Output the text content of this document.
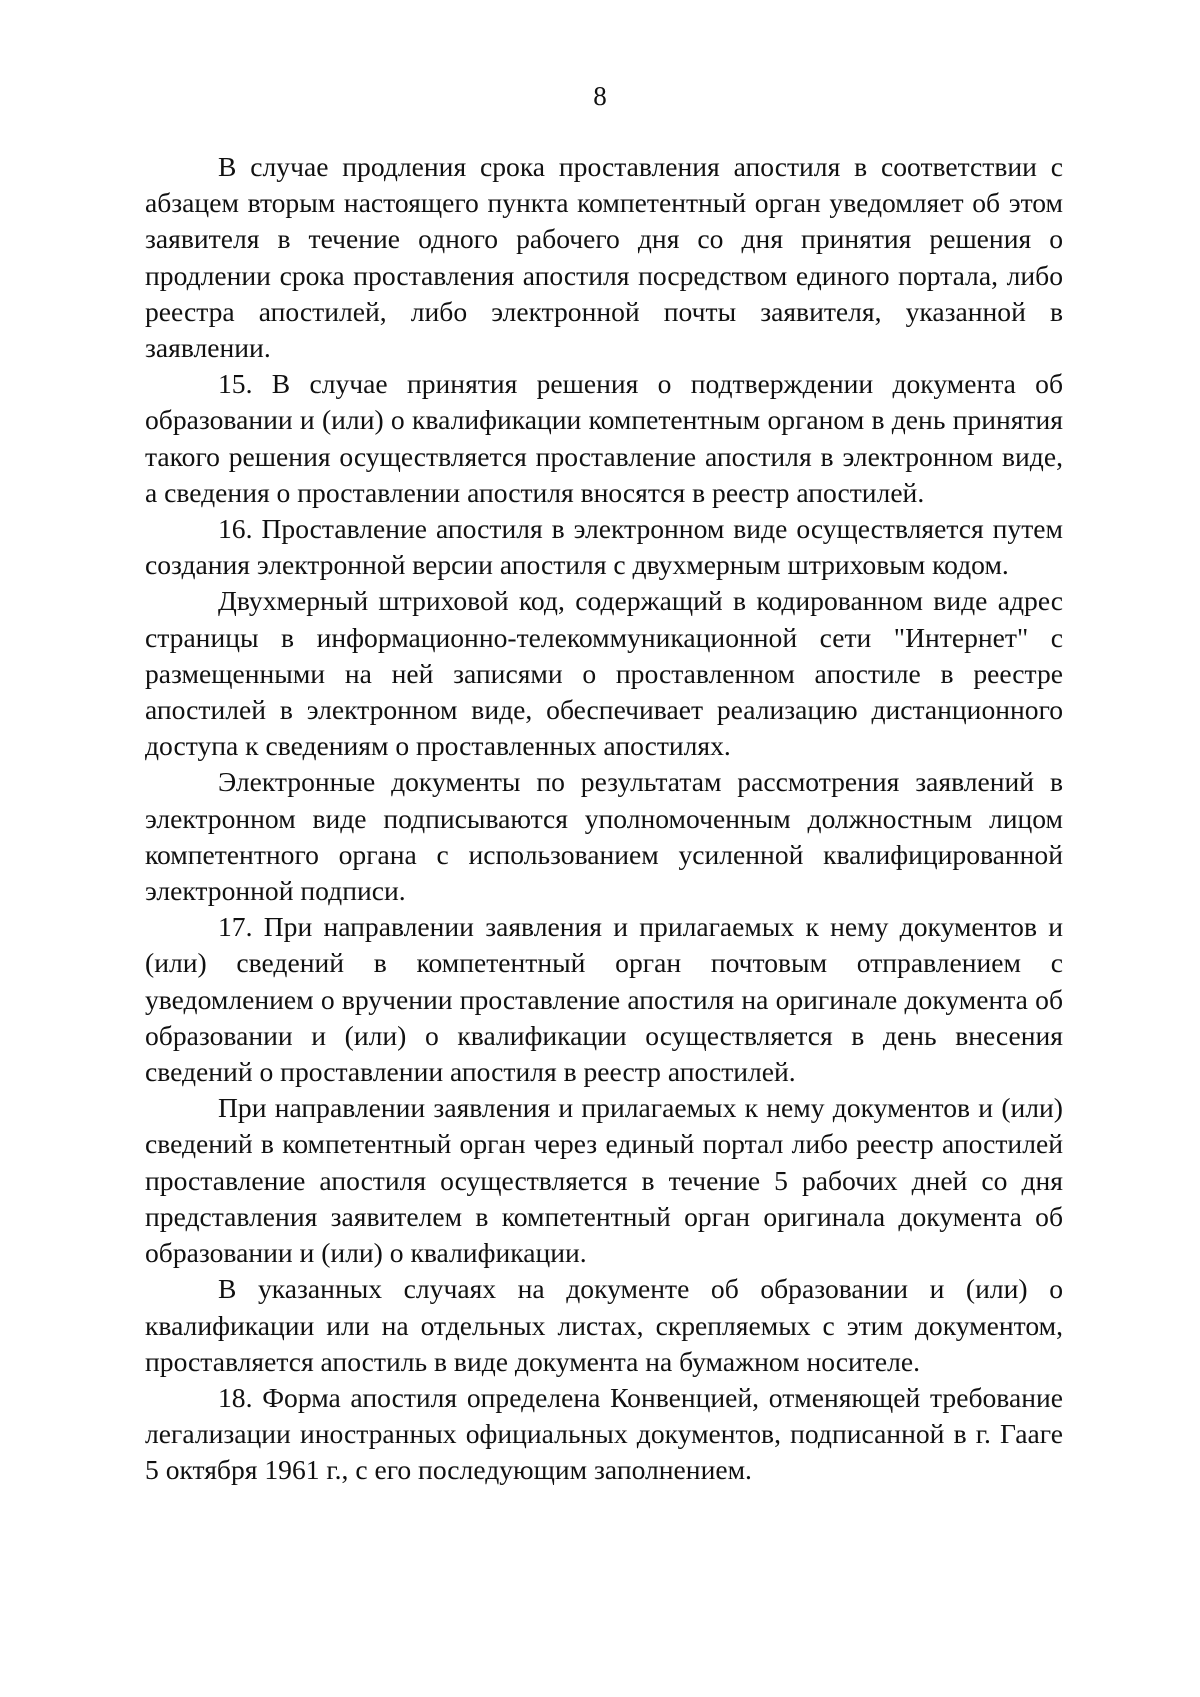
8

В случае продления срока проставления апостиля в соответствии с абзацем вторым настоящего пункта компетентный орган уведомляет об этом заявителя в течение одного рабочего дня со дня принятия решения о продлении срока проставления апостиля посредством единого портала, либо реестра апостилей, либо электронной почты заявителя, указанной в заявлении.

15. В случае принятия решения о подтверждении документа об образовании и (или) о квалификации компетентным органом в день принятия такого решения осуществляется проставление апостиля в электронном виде, а сведения о проставлении апостиля вносятся в реестр апостилей.

16. Проставление апостиля в электронном виде осуществляется путем создания электронной версии апостиля с двухмерным штриховым кодом.

Двухмерный штриховой код, содержащий в кодированном виде адрес страницы в информационно-телекоммуникационной сети "Интернет" с размещенными на ней записями о проставленном апостиле в реестре апостилей в электронном виде, обеспечивает реализацию дистанционного доступа к сведениям о проставленных апостилях.

Электронные документы по результатам рассмотрения заявлений в электронном виде подписываются уполномоченным должностным лицом компетентного органа с использованием усиленной квалифицированной электронной подписи.

17. При направлении заявления и прилагаемых к нему документов и (или) сведений в компетентный орган почтовым отправлением с уведомлением о вручении проставление апостиля на оригинале документа об образовании и (или) о квалификации осуществляется в день внесения сведений о проставлении апостиля в реестр апостилей.

При направлении заявления и прилагаемых к нему документов и (или) сведений в компетентный орган через единый портал либо реестр апостилей проставление апостиля осуществляется в течение 5 рабочих дней со дня представления заявителем в компетентный орган оригинала документа об образовании и (или) о квалификации.

В указанных случаях на документе об образовании и (или) о квалификации или на отдельных листах, скрепляемых с этим документом, проставляется апостиль в виде документа на бумажном носителе.

18. Форма апостиля определена Конвенцией, отменяющей требование легализации иностранных официальных документов, подписанной в г. Гааге 5 октября 1961 г., с его последующим заполнением.
